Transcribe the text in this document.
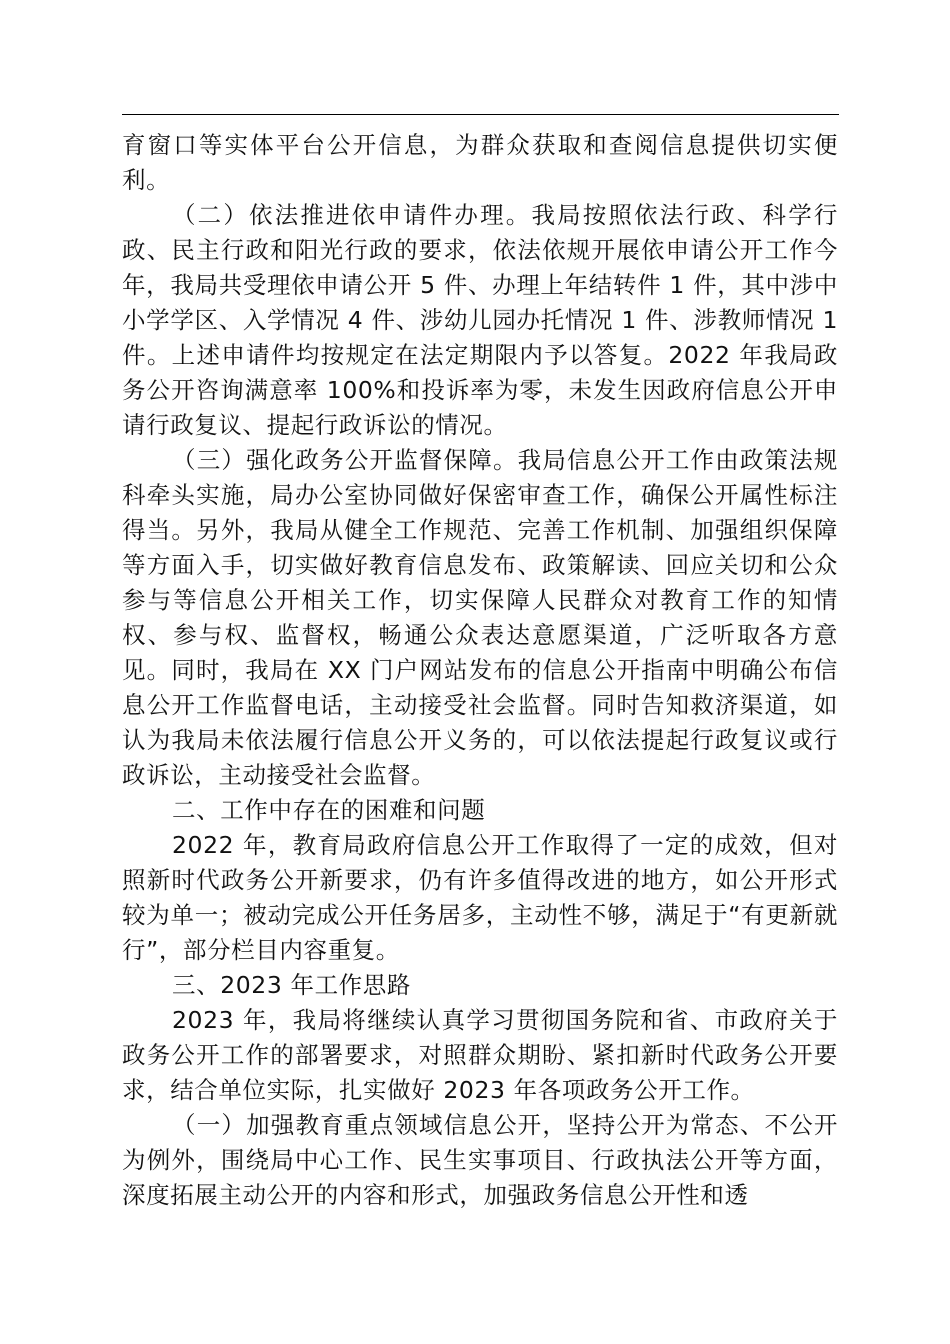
育窗口等实体平台公开信息，为群众获取和查阅信息提供切实便利。

（二）依法推进依申请件办理。我局按照依法行政、科学行政、民主行政和阳光行政的要求，依法依规开展依申请公开工作今年，我局共受理依申请公开 5 件、办理上年结转件 1 件，其中涉中小学学区、入学情况 4 件、涉幼儿园办托情况 1 件、涉教师情况 1 件。上述申请件均按规定在法定期限内予以答复。2022 年我局政务公开咨询满意率 100%和投诉率为零，未发生因政府信息公开申请行政复议、提起行政诉讼的情况。

（三）强化政务公开监督保障。我局信息公开工作由政策法规科牵头实施，局办公室协同做好保密审查工作，确保公开属性标注得当。另外，我局从健全工作规范、完善工作机制、加强组织保障等方面入手，切实做好教育信息发布、政策解读、回应关切和公众参与等信息公开相关工作，切实保障人民群众对教育工作的知情权、参与权、监督权，畅通公众表达意愿渠道，广泛听取各方意见。同时，我局在 XX 门户网站发布的信息公开指南中明确公布信息公开工作监督电话，主动接受社会监督。同时告知救济渠道，如认为我局未依法履行信息公开义务的，可以依法提起行政复议或行政诉讼，主动接受社会监督。

二、工作中存在的困难和问题

2022 年，教育局政府信息公开工作取得了一定的成效，但对照新时代政务公开新要求，仍有许多值得改进的地方，如公开形式较为单一；被动完成公开任务居多，主动性不够，满足于“有更新就行”，部分栏目内容重复。

三、2023 年工作思路

2023 年，我局将继续认真学习贯彻国务院和省、市政府关于政务公开工作的部署要求，对照群众期盼、紧扣新时代政务公开要求，结合单位实际，扎实做好 2023 年各项政务公开工作。

（一）加强教育重点领域信息公开，坚持公开为常态、不公开为例外，围绕局中心工作、民生实事项目、行政执法公开等方面，深度拓展主动公开的内容和形式，加强政务信息公开性和透
